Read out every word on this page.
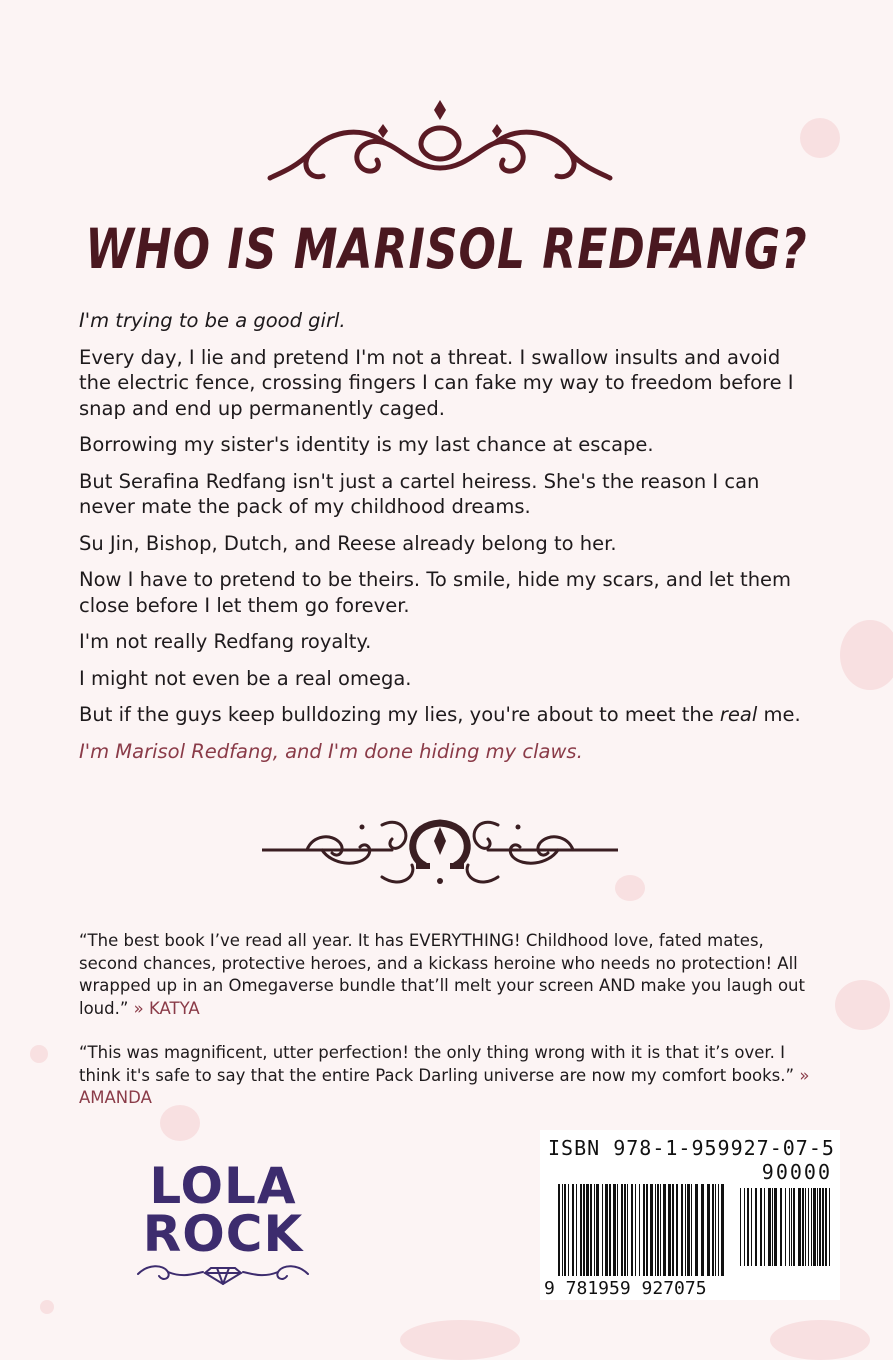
WHO IS MARISOL REDFANG?

I'm trying to be a good girl.

Every day, I lie and pretend I'm not a threat. I swallow insults and avoid the electric fence, crossing fingers I can fake my way to freedom before I snap and end up permanently caged.

Borrowing my sister's identity is my last chance at escape.

But Serafina Redfang isn't just a cartel heiress. She's the reason I can never mate the pack of my childhood dreams.

Su Jin, Bishop, Dutch, and Reese already belong to her.

Now I have to pretend to be theirs. To smile, hide my scars, and let them close before I let them go forever.

I'm not really Redfang royalty.

I might not even be a real omega.

But if the guys keep bulldozing my lies, you're about to meet the real me.

I'm Marisol Redfang, and I'm done hiding my claws.

“The best book I’ve read all year. It has EVERYTHING! Childhood love, fated mates, second chances, protective heroes, and a kickass heroine who needs no protection! All wrapped up in an Omegaverse bundle that’ll melt your screen AND make you laugh out loud.” » KATYA

“This was magnificent, utter perfection! the only thing wrong with it is that it’s over. I think it's safe to say that the entire Pack Darling universe are now my comfort books.” » AMANDA

LOLA
ROCK
ISBN 978-1-959927-07-5
90000
9 781959 927075
